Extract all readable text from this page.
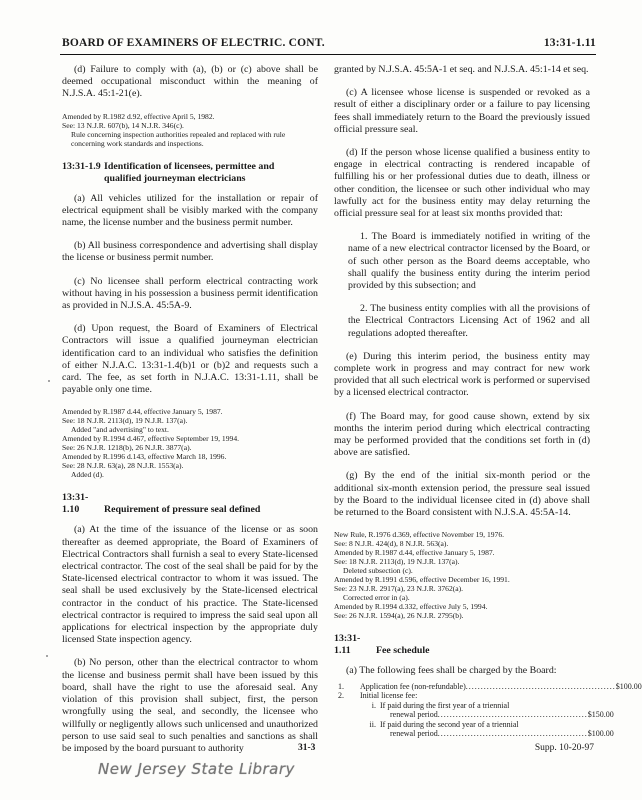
BOARD OF EXAMINERS OF ELECTRIC. CONT.	13:31-1.11

(d) Failure to comply with (a), (b) or (c) above shall be deemed occupational misconduct within the meaning of N.J.S.A. 45:1-21(e).

Amended by R.1982 d.92, effective April 5, 1982.
See: 13 N.J.R. 607(b), 14 N.J.R. 346(c).
Rule concerning inspection authorities repealed and replaced with rule concerning work standards and inspections.
13:31-1.9 Identification of licensees, permittee and
qualified journeyman electricians

(a) All vehicles utilized for the installation or repair of electrical equipment shall be visibly marked with the company name, the license number and the business permit number.

(b) All business correspondence and advertising shall display the license or business permit number.

(c) No licensee shall perform electrical contracting work without having in his possession a business permit identification as provided in N.J.S.A. 45:5A-9.

(d) Upon request, the Board of Examiners of Electrical Contractors will issue a qualified journeyman electrician identification card to an individual who satisfies the definition of either N.J.A.C. 13:31-1.4(b)1 or (b)2 and requests such a card. The fee, as set forth in N.J.A.C. 13:31-1.11, shall be payable only one time.

Amended by R.1987 d.44, effective January 5, 1987.
See: 18 N.J.R. 2113(d), 19 N.J.R. 137(a).
Added "and advertising" to text.
Amended by R.1994 d.467, effective September 19, 1994.
See: 26 N.J.R. 1218(b), 26 N.J.R. 3877(a).
Amended by R.1996 d.143, effective March 18, 1996.
See: 28 N.J.R. 63(a), 28 N.J.R. 1553(a).
Added (d).
13:31-1.10 Requirement of pressure seal defined

(a) At the time of the issuance of the license or as soon thereafter as deemed appropriate, the Board of Examiners of Electrical Contractors shall furnish a seal to every State-licensed electrical contractor. The cost of the seal shall be paid for by the State-licensed electrical contractor to whom it was issued. The seal shall be used exclusively by the State-licensed electrical contractor in the conduct of his practice. The State-licensed electrical contractor is required to impress the said seal upon all applications for electrical inspection by the appropriate duly licensed State inspection agency.

(b) No person, other than the electrical contractor to whom the license and business permit shall have been issued by this board, shall have the right to use the aforesaid seal. Any violation of this provision shall subject, first, the person wrongfully using the seal, and secondly, the licensee who willfully or negligently allows such unlicensed and unauthorized person to use said seal to such penalties and sanctions as shall be imposed by the board pursuant to authority

granted by N.J.S.A. 45:5A-1 et seq. and N.J.S.A. 45:1-14 et seq.

(c) A licensee whose license is suspended or revoked as a result of either a disciplinary order or a failure to pay licensing fees shall immediately return to the Board the previously issued official pressure seal.

(d) If the person whose license qualified a business entity to engage in electrical contracting is rendered incapable of fulfilling his or her professional duties due to death, illness or other condition, the licensee or such other individual who may lawfully act for the business entity may delay returning the official pressure seal for at least six months provided that:

1. The Board is immediately notified in writing of the name of a new electrical contractor licensed by the Board, or of such other person as the Board deems acceptable, who shall qualify the business entity during the interim period provided by this subsection; and

2. The business entity complies with all the provisions of the Electrical Contractors Licensing Act of 1962 and all regulations adopted thereafter.

(e) During this interim period, the business entity may complete work in progress and may contract for new work provided that all such electrical work is performed or supervised by a licensed electrical contractor.

(f) The Board may, for good cause shown, extend by six months the interim period during which electrical contracting may be performed provided that the conditions set forth in (d) above are satisfied.

(g) By the end of the initial six-month period or the additional six-month extension period, the pressure seal issued by the Board to the individual licensee cited in (d) above shall be returned to the Board consistent with N.J.S.A. 45:5A-14.

New Rule, R.1976 d.369, effective November 19, 1976.
See: 8 N.J.R. 424(d), 8 N.J.R. 563(a).
Amended by R.1987 d.44, effective January 5, 1987.
See: 18 N.J.R. 2113(d), 19 N.J.R. 137(a).
Deleted subsection (c).
Amended by R.1991 d.596, effective December 16, 1991.
See: 23 N.J.R. 2917(a), 23 N.J.R. 3762(a).
Corrected error in (a).
Amended by R.1994 d.332, effective July 5, 1994.
See: 26 N.J.R. 1594(a), 26 N.J.R. 2795(b).
13:31-1.11	Fee schedule

(a) The following fees shall be charged by the Board:

1.	Application fee (non-refundable) .................................................. $100.00
2.	Initial license fee:
i. If paid during the first year of a triennial
renewal period .................................................. $150.00
ii. If paid during the second year of a triennial
renewal period .................................................. $100.00
31-3	Supp. 10-20-97
New Jersey State Library
